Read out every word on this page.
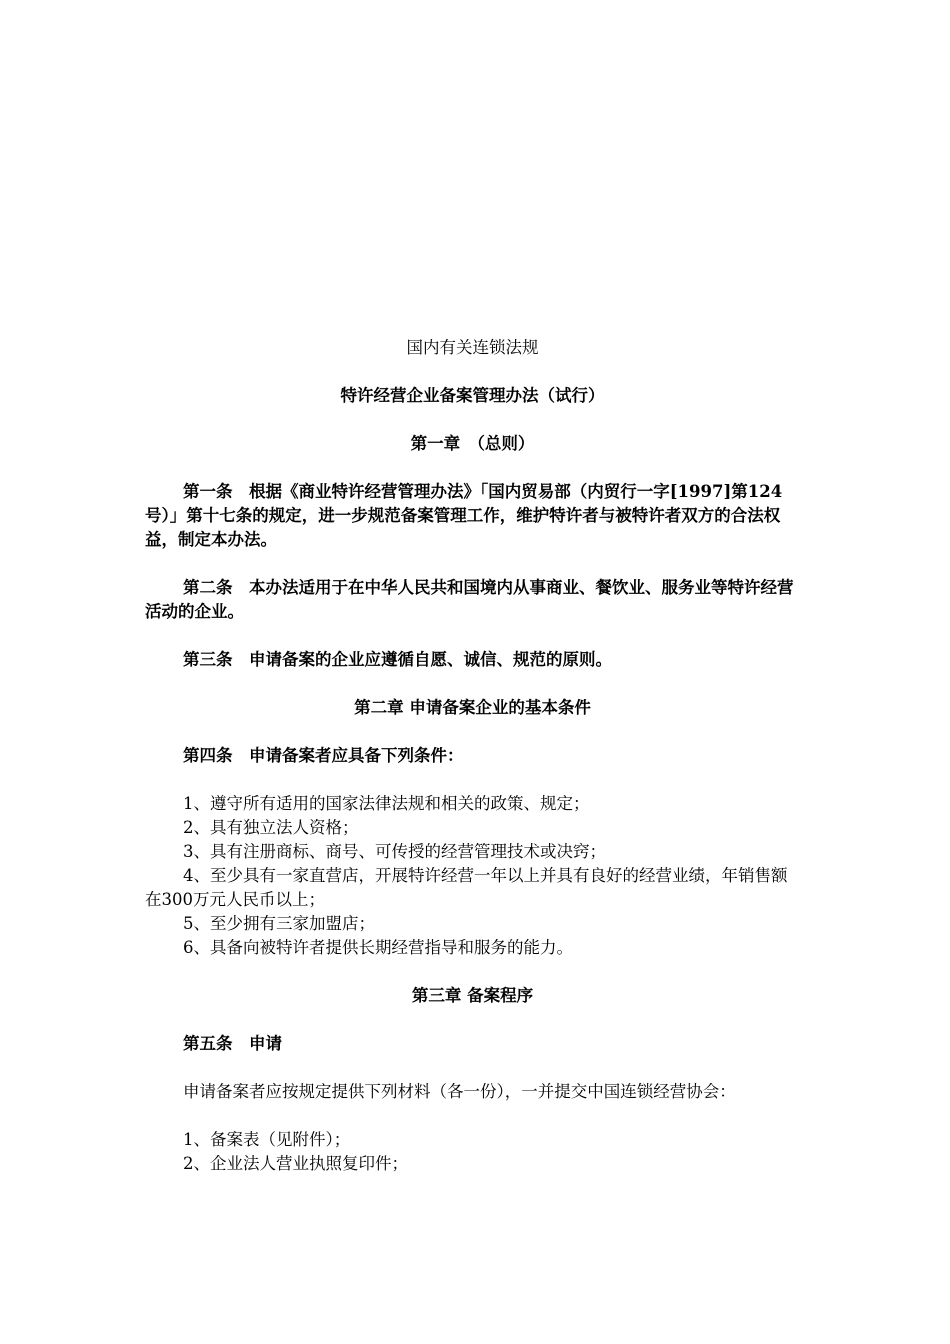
国内有关连锁法规

特许经营企业备案管理办法（试行）

第一章　（总则）

第一条　根据《商业特许经营管理办法》「国内贸易部（内贸行一字[1997]第124号）」第十七条的规定，进一步规范备案管理工作，维护特许者与被特许者双方的合法权益，制定本办法。

第二条　本办法适用于在中华人民共和国境内从事商业、餐饮业、服务业等特许经营活动的企业。

第三条　申请备案的企业应遵循自愿、诚信、规范的原则。

第二章 申请备案企业的基本条件

第四条　申请备案者应具备下列条件：

1、遵守所有适用的国家法律法规和相关的政策、规定；

2、具有独立法人资格；

3、具有注册商标、商号、可传授的经营管理技术或决窍；

4、至少具有一家直营店，开展特许经营一年以上并具有良好的经营业绩，年销售额在300万元人民币以上；

5、至少拥有三家加盟店；

6、具备向被特许者提供长期经营指导和服务的能力。

第三章 备案程序

第五条　申请

申请备案者应按规定提供下列材料（各一份），一并提交中国连锁经营协会：

1、备案表（见附件）；

2、企业法人营业执照复印件；
